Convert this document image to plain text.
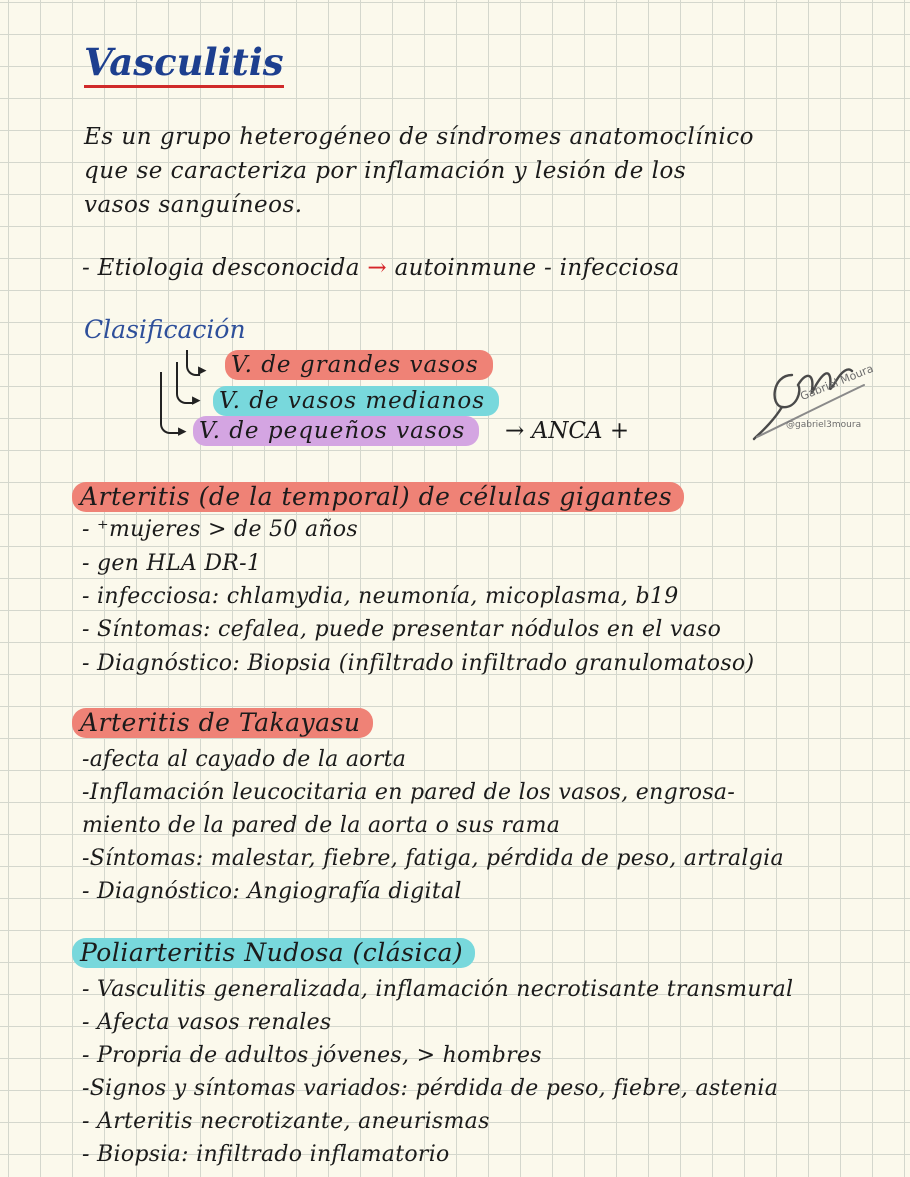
Vasculitis
Es un grupo heterogéneo de síndromes anatomoclínico
que se caracteriza por inflamación y lesión de los
vasos sanguíneos.
- Etiologia desconocida → autoinmune - infecciosa
Clasificación
▸
▸
▸
V. de grandes vasos
V. de vasos medianos
V. de pequeños vasos	→ ANCA +
Gabriel Moura
@gabriel3moura
Arteritis (de la temporal) de células gigantes
- ⁺mujeres > de 50 años
- gen HLA DR-1
- infecciosa: chlamydia, neumonía, micoplasma, b19
- Síntomas: cefalea, puede presentar nódulos en el vaso
- Diagnóstico: Biopsia (infiltrado infiltrado granulomatoso)
Arteritis de Takayasu
-afecta al cayado de la aorta
-Inflamación leucocitaria en pared de los vasos, engrosa-
miento de la pared de la aorta o sus rama
-Síntomas: malestar, fiebre, fatiga, pérdida de peso, artralgia
- Diagnóstico: Angiografía digital
Poliarteritis Nudosa (clásica)
- Vasculitis generalizada, inflamación necrotisante transmural
- Afecta vasos renales
- Propria de adultos jóvenes, > hombres
-Signos y síntomas variados: pérdida de peso, fiebre, astenia
- Arteritis necrotizante, aneurismas
- Biopsia: infiltrado inflamatorio
